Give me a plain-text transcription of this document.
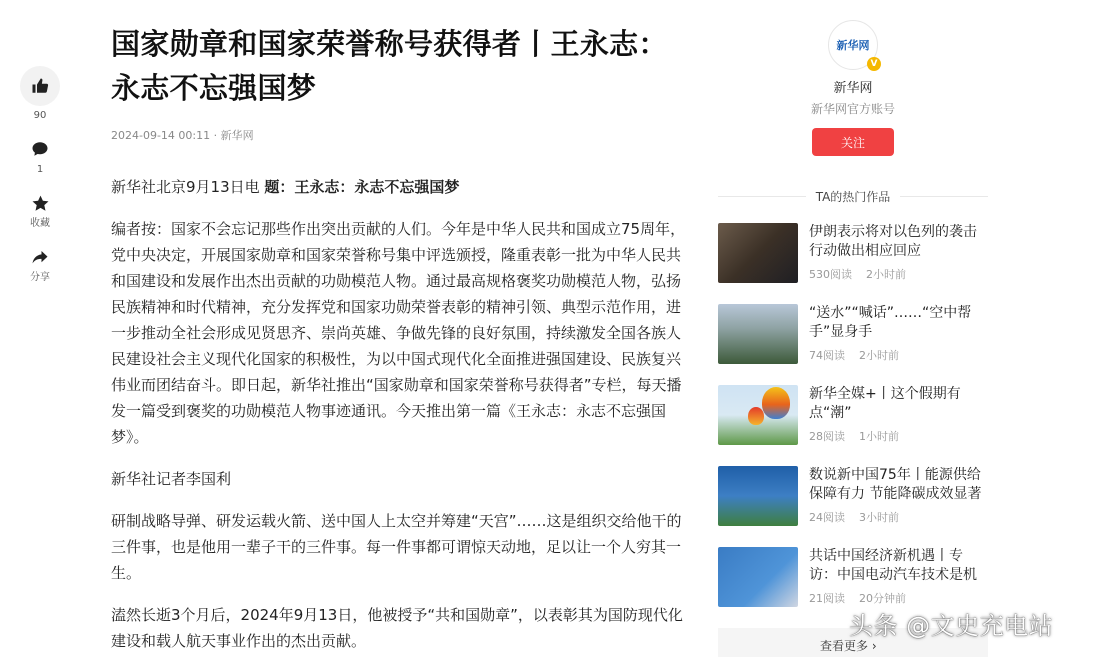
90
1
收藏
分享
国家勋章和国家荣誉称号获得者丨王永志：永志不忘强国梦
2024-09-14 00:11 · 新华网

新华社北京9月13日电 题：王永志：永志不忘强国梦

编者按：国家不会忘记那些作出突出贡献的人们。今年是中华人民共和国成立75周年，党中央决定，开展国家勋章和国家荣誉称号集中评选颁授，隆重表彰一批为中华人民共和国建设和发展作出杰出贡献的功勋模范人物。通过最高规格褒奖功勋模范人物，弘扬民族精神和时代精神，充分发挥党和国家功勋荣誉表彰的精神引领、典型示范作用，进一步推动全社会形成见贤思齐、崇尚英雄、争做先锋的良好氛围，持续激发全国各族人民建设社会主义现代化国家的积极性，为以中国式现代化全面推进强国建设、民族复兴伟业而团结奋斗。即日起，新华社推出“国家勋章和国家荣誉称号获得者”专栏，每天播发一篇受到褒奖的功勋模范人物事迹通讯。今天推出第一篇《王永志：永志不忘强国梦》。

新华社记者李国利

研制战略导弹、研发运载火箭、送中国人上太空并筹建“天宫”……这是组织交给他干的三件事，也是他用一辈子干的三件事。每一件事都可谓惊天动地，足以让一个人穷其一生。

溘然长逝3个月后，2024年9月13日，他被授予“共和国勋章”，以表彰其为国防现代化建设和载人航天事业作出的杰出贡献。

新华网
V
新华网
新华网官方账号
关注
TA的热门作品
伊朗表示将对以色列的袭击行动做出相应回应
530阅读 2小时前
“送水”“喊话”……“空中帮手”显身手
74阅读 2小时前
新华全媒+丨这个假期有点“潮”
28阅读 1小时前
数说新中国75年丨能源供给保障有力 节能降碳成效显著
24阅读 3小时前
共话中国经济新机遇丨专访：中国电动汽车技术是机
21阅读 20分钟前
查看更多 ›
头条 @文史充电站
